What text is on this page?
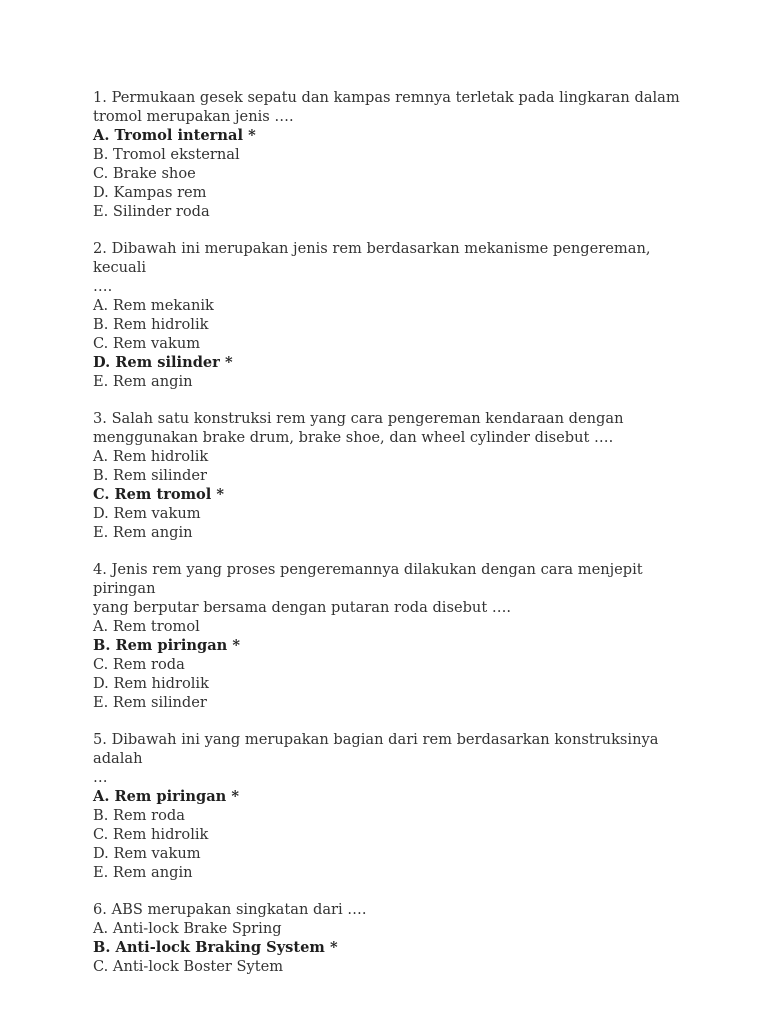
1. Permukaan gesek sepatu dan kampas remnya terletak pada lingkaran dalam
tromol merupakan jenis ….

A. Tromol internal *

B. Tromol eksternal

C. Brake shoe

D. Kampas rem

E. Silinder roda

2. Dibawah ini merupakan jenis rem berdasarkan mekanisme pengereman, kecuali
….

A. Rem mekanik

B. Rem hidrolik

C. Rem vakum

D. Rem silinder *

E. Rem angin

3. Salah satu konstruksi rem yang cara pengereman kendaraan dengan
menggunakan brake drum, brake shoe, dan wheel cylinder disebut ….

A. Rem hidrolik

B. Rem silinder

C. Rem tromol *

D. Rem vakum

E. Rem angin

4. Jenis rem yang proses pengeremannya dilakukan dengan cara menjepit piringan
yang berputar bersama dengan putaran roda disebut ….

A. Rem tromol

B. Rem piringan *

C. Rem roda

D. Rem hidrolik

E. Rem silinder

5. Dibawah ini yang merupakan bagian dari rem berdasarkan konstruksinya adalah
…

A. Rem piringan *

B. Rem roda

C. Rem hidrolik

D. Rem vakum

E. Rem angin

6. ABS merupakan singkatan dari ….

A. Anti-lock Brake Spring

B. Anti-lock Braking System *

C. Anti-lock Boster Sytem
